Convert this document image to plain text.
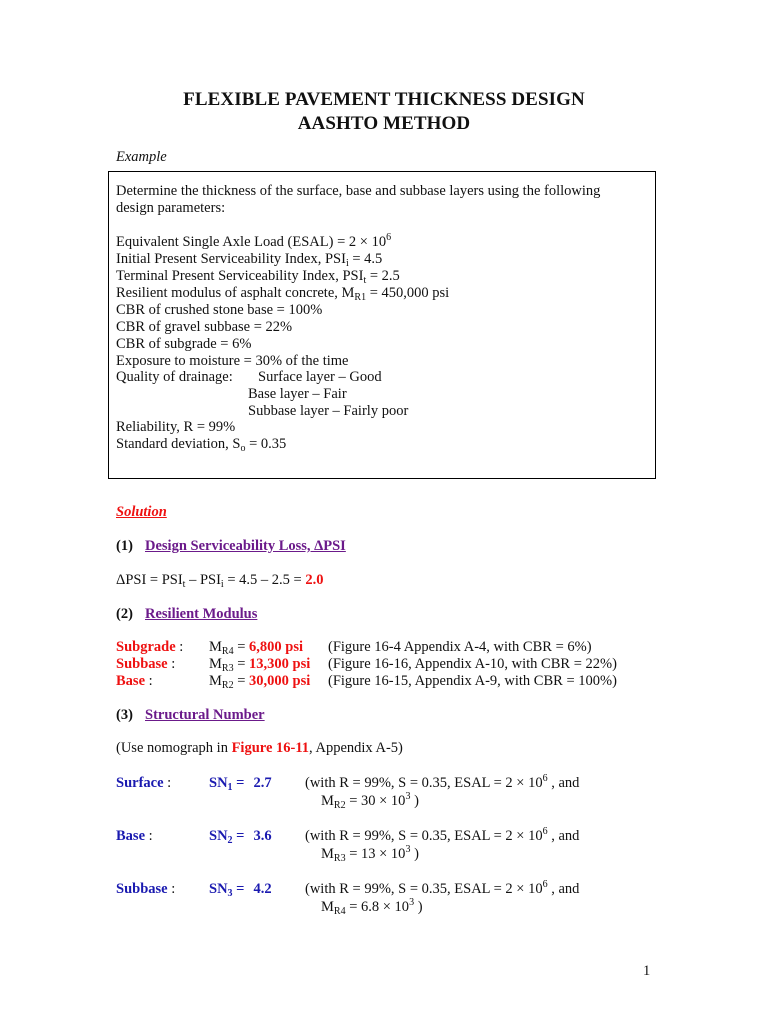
FLEXIBLE PAVEMENT THICKNESS DESIGN
AASHTO METHOD
Example
Determine the thickness of the surface, base and subbase layers using the following
design parameters:
Equivalent Single Axle Load (ESAL) = $2 \times 10^6$
Initial Present Serviceability Index, $PSI_i = 4.5$
Terminal Present Serviceability Index, $PSI_t = 2.5$
Resilient modulus of asphalt concrete, $M_{R1} = 450,000$ psi
CBR of crushed stone base = 100%
CBR of gravel subbase = 22%
CBR of subgrade = 6%
Exposure to moisture = 30% of the time
Quality of drainage: Surface layer – Good
Base layer – Fair
Subbase layer – Fairly poor
Reliability, R = 99%
Standard deviation, $S_o = 0.35$
Solution
(1) Design Serviceability Loss, ΔPSI
$\Delta PSI = PSI_t - PSI_i = 4.5 - 2.5 = 2.0$
(2) Resilient Modulus
Subgrade : $M_{R4} = 6,800$ psi (Figure 16-4 Appendix A-4, with CBR = 6%)
Subbase : $M_{R3} = 13,300$ psi (Figure 16-16, Appendix A-10, with CBR = 22%)
Base :	$M_{R2} = 30,000$ psi (Figure 16-15, Appendix A-9, with CBR = 100%)
(3) Structural Number
(Use nomograph in Figure 16-11, Appendix A-5)
Surface :	$SN_1 = 2.7$ (with R = 99%, S = 0.35, ESAL = $2 \times 10^6$ , and
$M_{R2} = 30 \times 10^3$ )
Base :	$SN_2 = 3.6$ (with R = 99%, S = 0.35, ESAL = $2 \times 10^6$ , and
$M_{R3} = 13 \times 10^3$ )
Subbase : $SN_3 = 4.2$ (with R = 99%, S = 0.35, ESAL = $2 \times 10^6$ , and
$M_{R4} = 6.8 \times 10^3$ )
1
